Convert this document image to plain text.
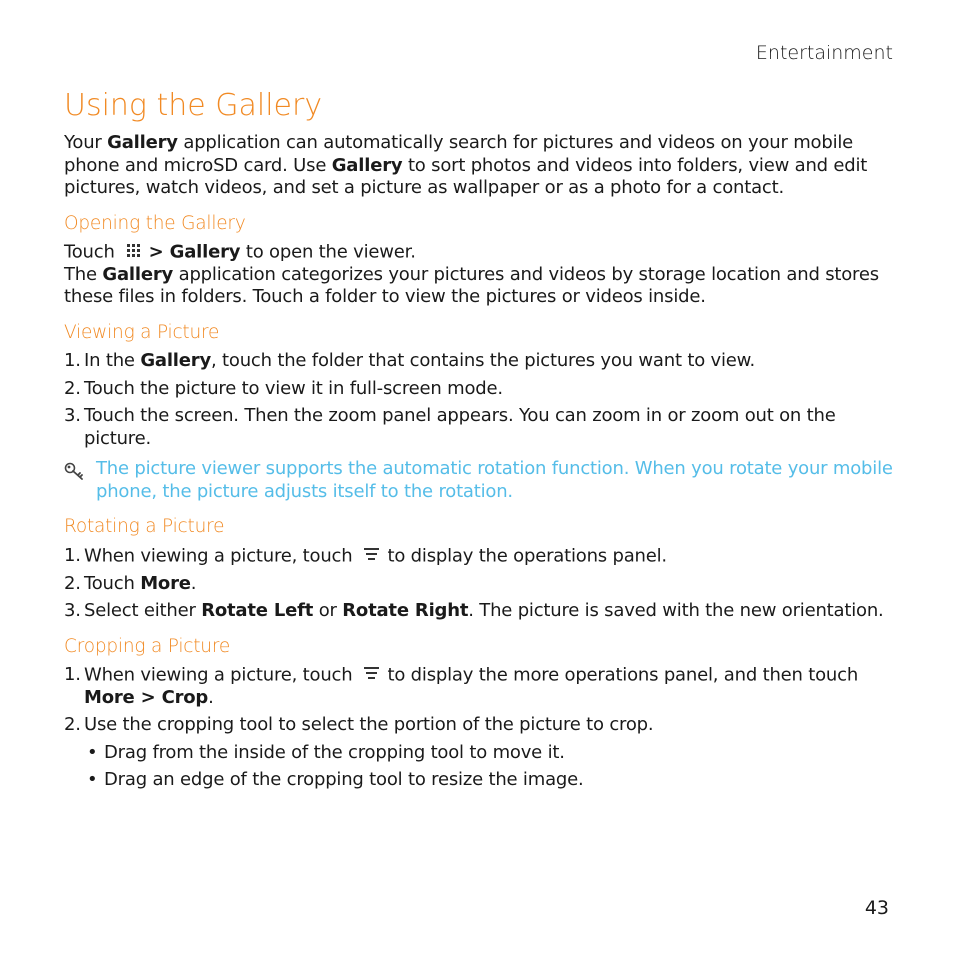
Entertainment
Using the Gallery

Your Gallery application can automatically search for pictures and videos on your mobile phone and microSD card. Use Gallery to sort photos and videos into folders, view and edit pictures, watch videos, and set a picture as wallpaper or as a photo for a contact.

Opening the Gallery

Touch > Gallery to open the viewer.

The Gallery application categorizes your pictures and videos by storage location and stores these files in folders. Touch a folder to view the pictures or videos inside.

Viewing a Picture
1. In the Gallery, touch the folder that contains the pictures you want to view.
2. Touch the picture to view it in full-screen mode.
3. Touch the screen. Then the zoom panel appears. You can zoom in or zoom out on the picture.

The picture viewer supports the automatic rotation function. When you rotate your mobile phone, the picture adjusts itself to the rotation.

Rotating a Picture
1. When viewing a picture, touch to display the operations panel.
2. Touch More.
3. Select either Rotate Left or Rotate Right. The picture is saved with the new orientation.
Cropping a Picture
1. When viewing a picture, touch to display the more operations panel, and then touch More > Crop.
2. Use the cropping tool to select the portion of the picture to crop.
• Drag from the inside of the cropping tool to move it.
• Drag an edge of the cropping tool to resize the image.
43
